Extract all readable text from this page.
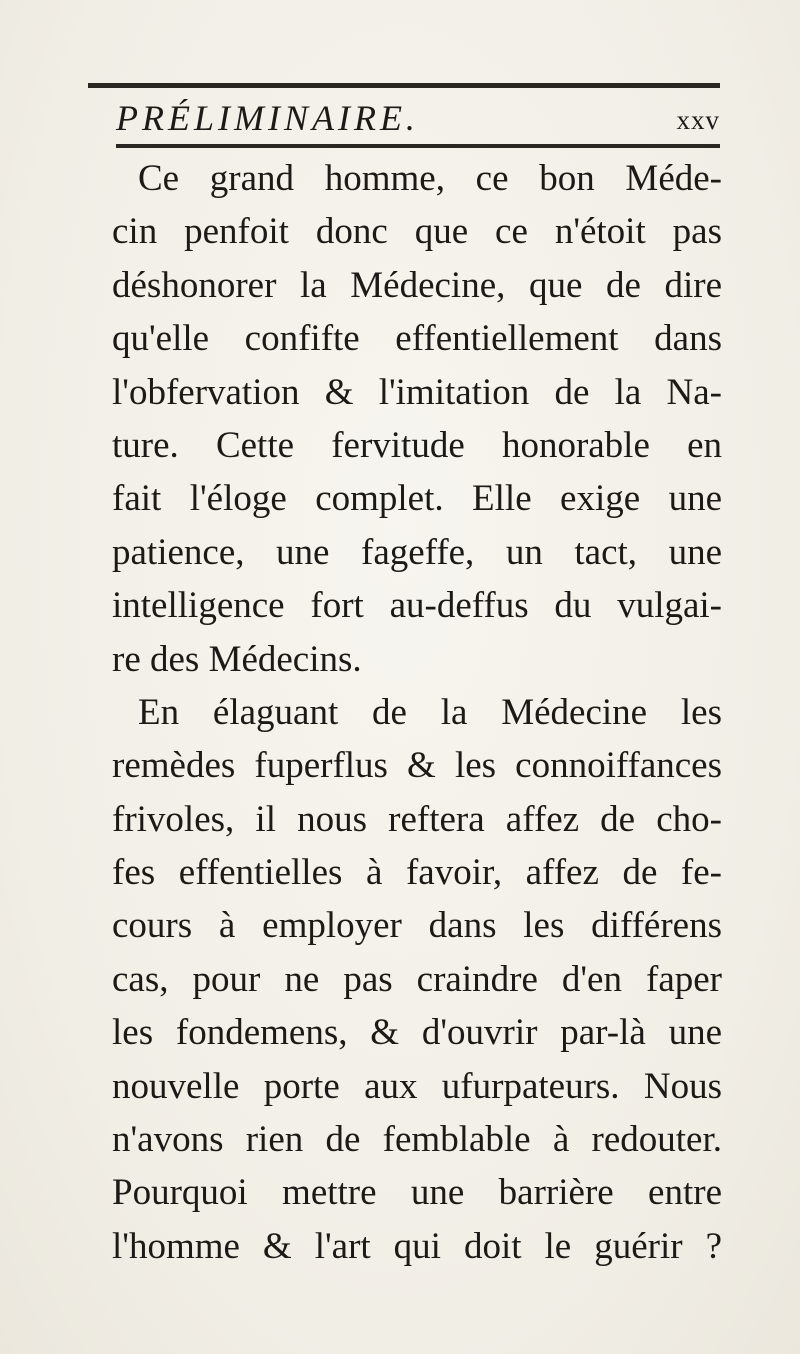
PRÉLIMINAIRE.	xxv
Ce grand homme, ce bon Méde-
cin penfoit donc que ce n'étoit pas
déshonorer la Médecine, que de dire
qu'elle confifte effentiellement dans
l'obfervation & l'imitation de la Na-
ture. Cette fervitude honorable en
fait l'éloge complet. Elle exige une
patience, une fageffe, un tact, une
intelligence fort au-deffus du vulgai-
re des Médecins.
En élaguant de la Médecine les
remèdes fuperflus & les connoiffances
frivoles, il nous reftera affez de cho-
fes effentielles à favoir, affez de fe-
cours à employer dans les différens
cas, pour ne pas craindre d'en faper
les fondemens, & d'ouvrir par-là une
nouvelle porte aux ufurpateurs. Nous
n'avons rien de femblable à redouter.
Pourquoi mettre une barrière entre
l'homme & l'art qui doit le guérir ?
